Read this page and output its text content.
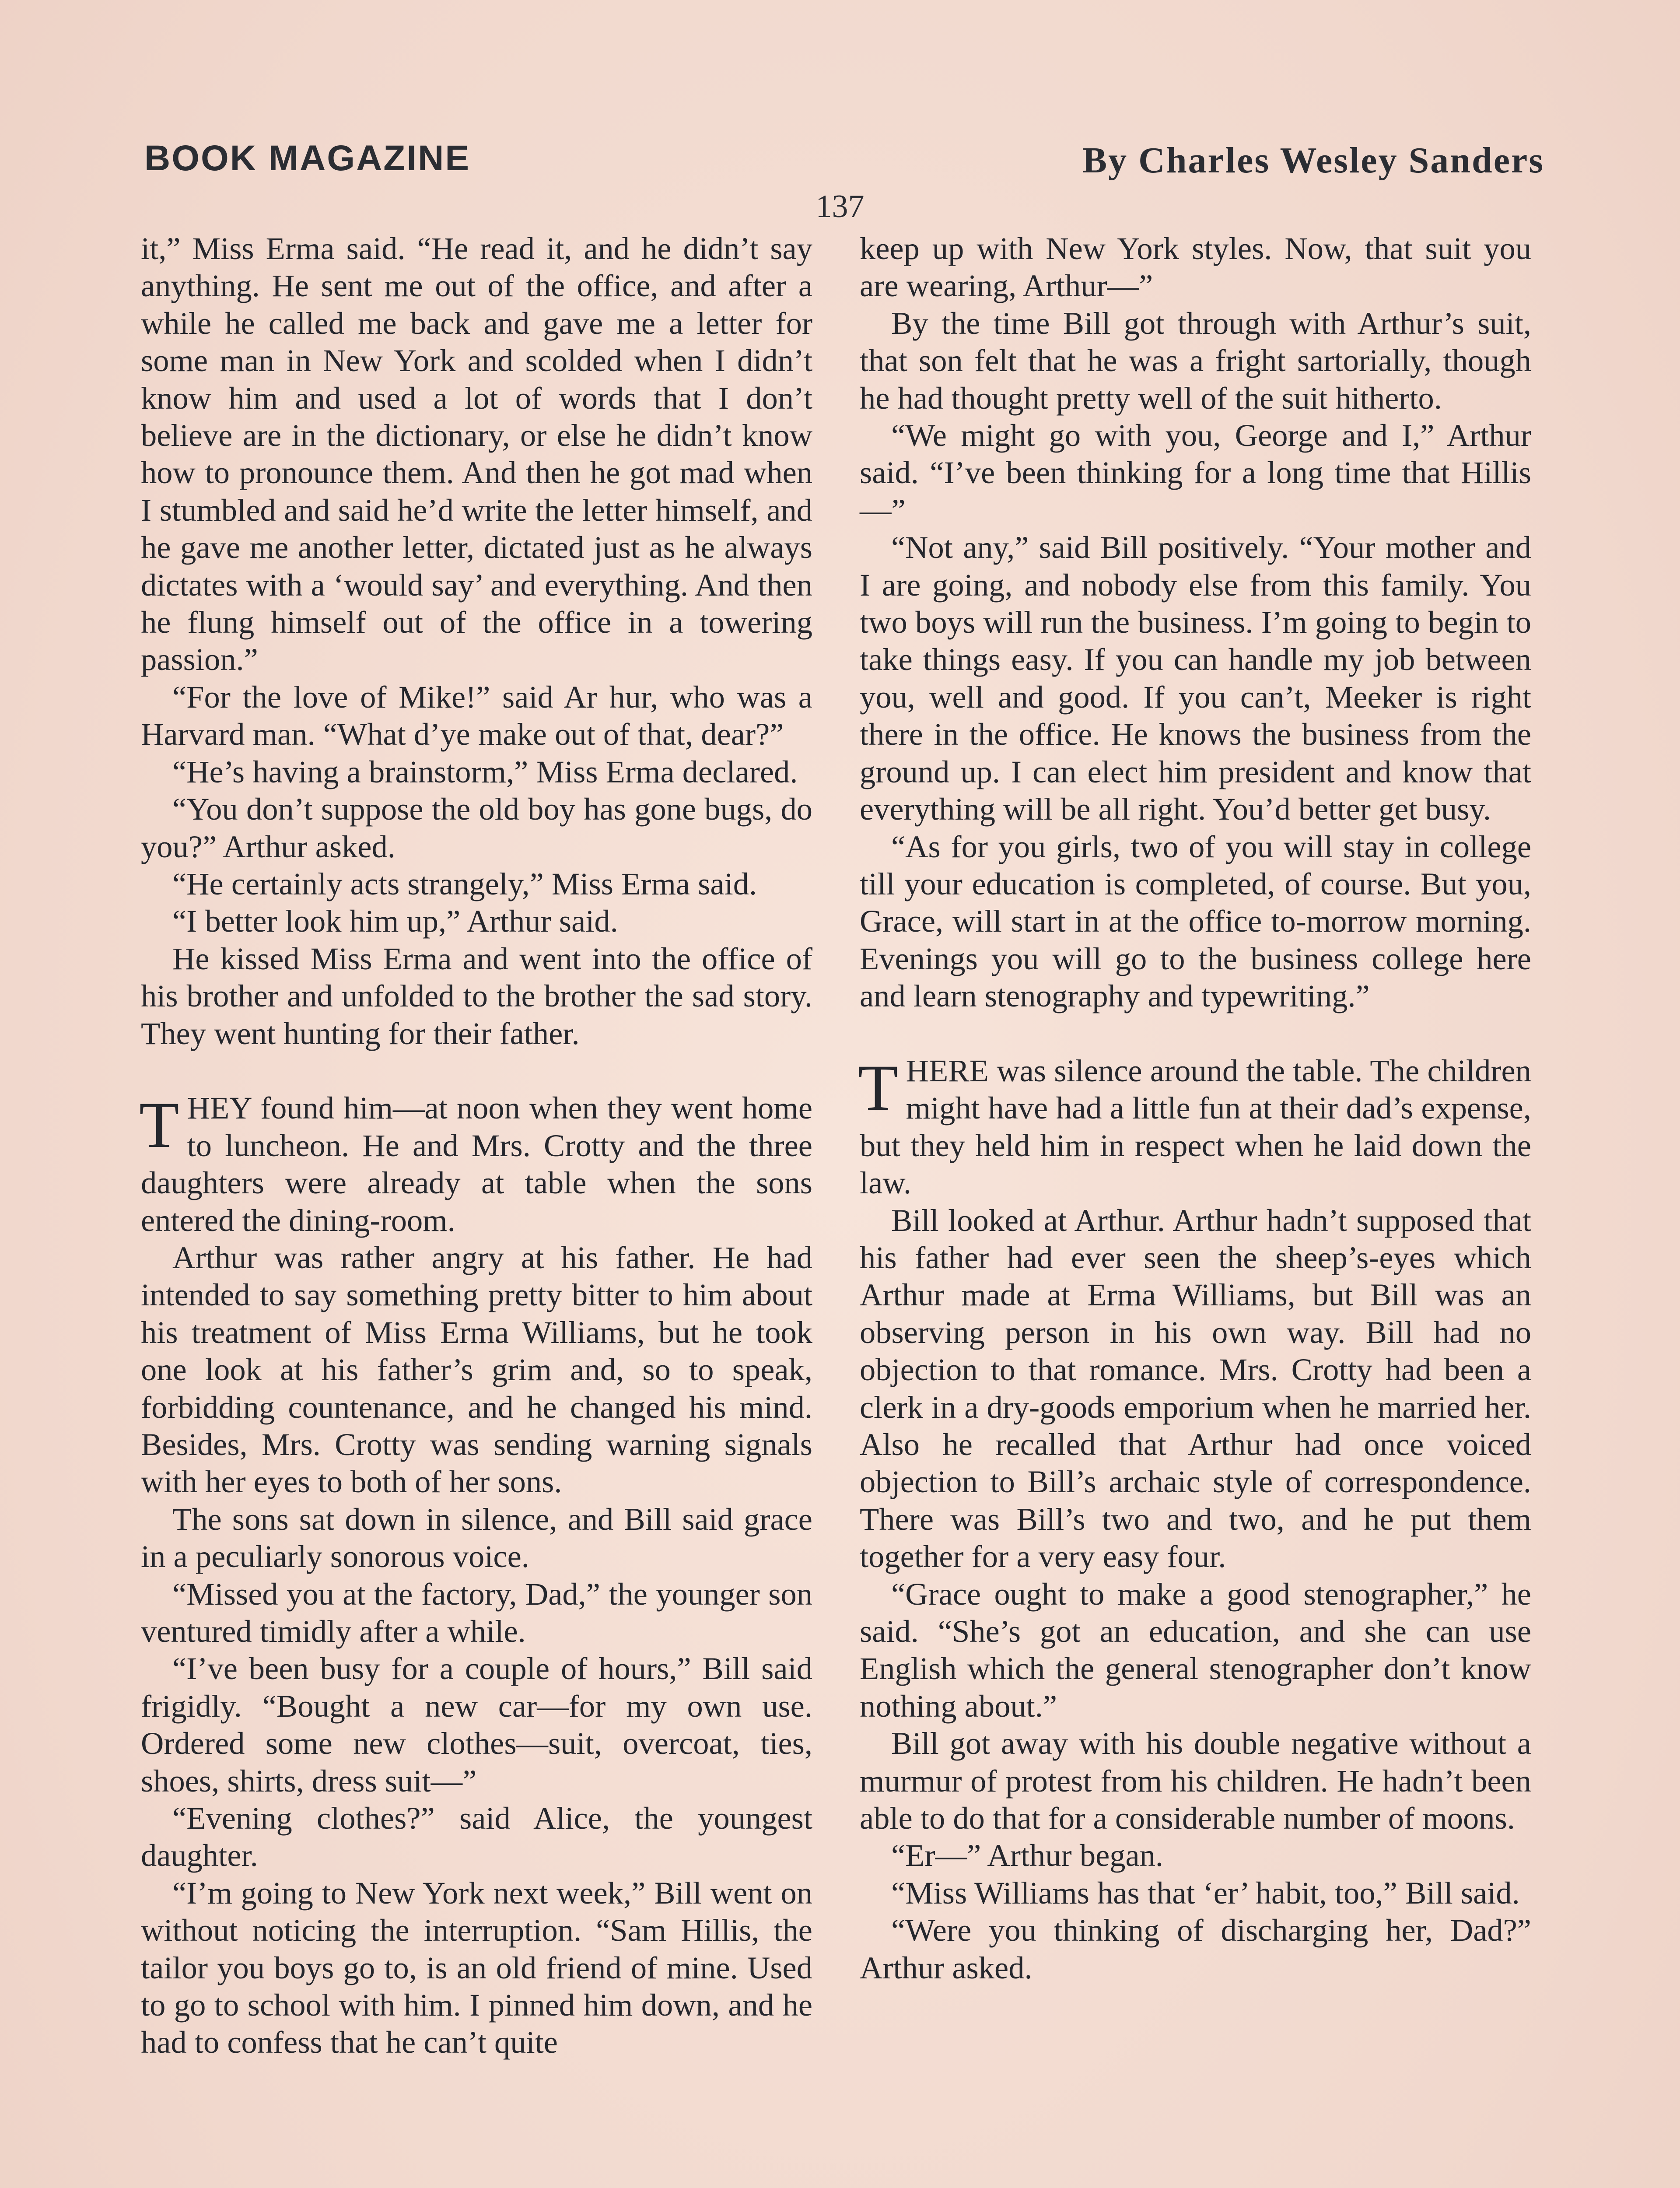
BOOK MAGAZINE	By Charles Wesley Sanders
137

it,” Miss Erma said. “He read it, and he didn’t say anything. He sent me out of the office, and after a while he called me back and gave me a letter for some man in New York and scolded when I didn’t know him and used a lot of words that I don’t believe are in the dictionary, or else he didn’t know how to pronounce them. And then he got mad when I stumbled and said he’d write the letter himself, and he gave me another letter, dictated just as he always dictates with a ‘would say’ and everything. And then he flung himself out of the office in a towering passion.”

“For the love of Mike!” said Ar hur, who was a Harvard man. “What d’ye make out of that, dear?”

“He’s having a brainstorm,” Miss Erma declared.

“You don’t suppose the old boy has gone bugs, do you?” Arthur asked.

“He certainly acts strangely,” Miss Erma said.

“I better look him up,” Arthur said.

He kissed Miss Erma and went into the office of his brother and unfolded to the brother the sad story. They went hunting for their father.

THEY found him—at noon when they went home to luncheon. He and Mrs. Crotty and the three daughters were already at table when the sons entered the dining-room.

Arthur was rather angry at his father. He had intended to say something pretty bitter to him about his treatment of Miss Erma Williams, but he took one look at his father’s grim and, so to speak, forbidding countenance, and he changed his mind. Besides, Mrs. Crotty was sending warning signals with her eyes to both of her sons.

The sons sat down in silence, and Bill said grace in a peculiarly sonorous voice.

“Missed you at the factory, Dad,” the younger son ventured timidly after a while.

“I’ve been busy for a couple of hours,” Bill said frigidly. “Bought a new car—for my own use. Ordered some new clothes—suit, overcoat, ties, shoes, shirts, dress suit—”

“Evening clothes?” said Alice, the youngest daughter.

“I’m going to New York next week,” Bill went on without noticing the interruption. “Sam Hillis, the tailor you boys go to, is an old friend of mine. Used to go to school with him. I pinned him down, and he had to confess that he can’t quite

keep up with New York styles. Now, that suit you are wearing, Arthur—”

By the time Bill got through with Arthur’s suit, that son felt that he was a fright sartorially, though he had thought pretty well of the suit hitherto.

“We might go with you, George and I,” Arthur said. “I’ve been thinking for a long time that Hillis—”

“Not any,” said Bill positively. “Your mother and I are going, and nobody else from this family. You two boys will run the business. I’m going to begin to take things easy. If you can handle my job between you, well and good. If you can’t, Meeker is right there in the office. He knows the business from the ground up. I can elect him president and know that everything will be all right. You’d better get busy.

“As for you girls, two of you will stay in college till your education is completed, of course. But you, Grace, will start in at the office to-morrow morning. Evenings you will go to the business college here and learn stenography and typewriting.”

THERE was silence around the table. The children might have had a little fun at their dad’s expense, but they held him in respect when he laid down the law.

Bill looked at Arthur. Arthur hadn’t supposed that his father had ever seen the sheep’s-eyes which Arthur made at Erma Williams, but Bill was an observing person in his own way. Bill had no objection to that romance. Mrs. Crotty had been a clerk in a dry-goods emporium when he married her. Also he recalled that Arthur had once voiced objection to Bill’s archaic style of correspondence. There was Bill’s two and two, and he put them together for a very easy four.

“Grace ought to make a good stenographer,” he said. “She’s got an education, and she can use English which the general stenographer don’t know nothing about.”

Bill got away with his double negative without a murmur of protest from his children. He hadn’t been able to do that for a considerable number of moons.

“Er—” Arthur began.

“Miss Williams has that ‘er’ habit, too,” Bill said.

“Were you thinking of discharging her, Dad?” Arthur asked.
